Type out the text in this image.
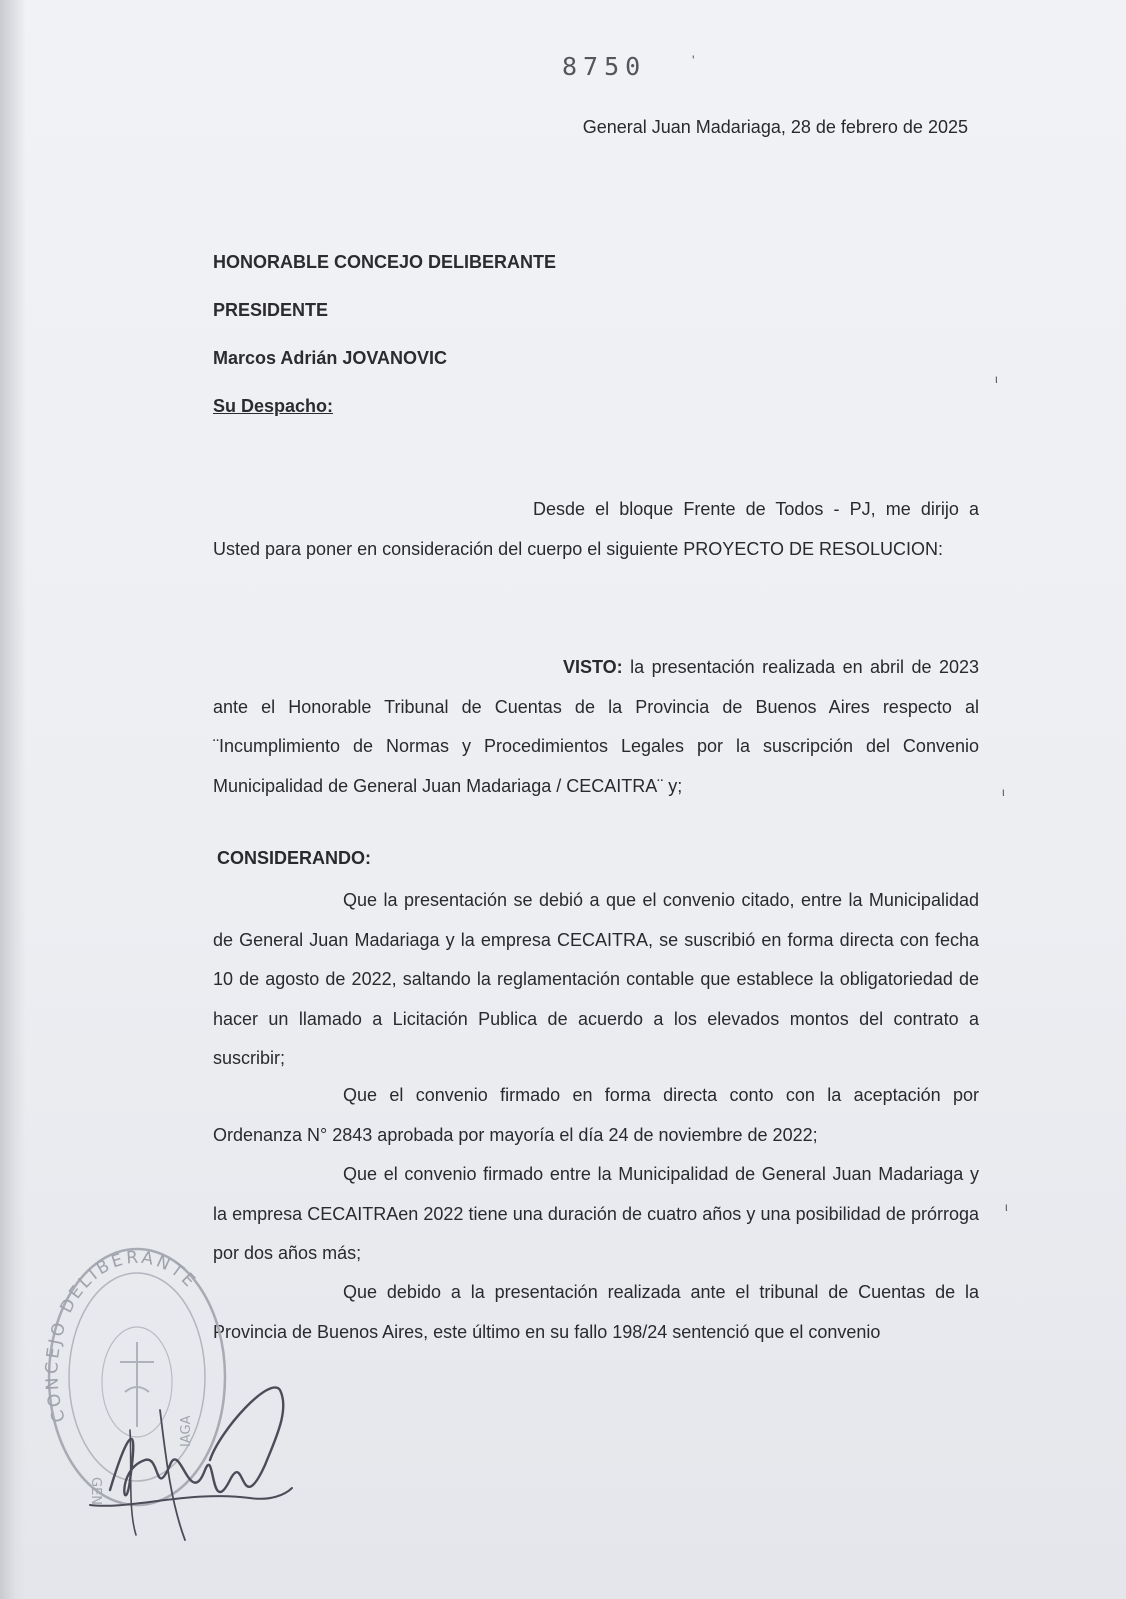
8750	'
General Juan Madariaga, 28 de febrero de 2025
HONORABLE CONCEJO DELIBERANTE
PRESIDENTE
Marcos Adrián JOVANOVIC
Su Despacho:
Desde el bloque Frente de Todos - PJ, me dirijo a Usted para poner en consideración del cuerpo el siguiente PROYECTO DE RESOLUCION:
VISTO: la presentación realizada en abril de 2023 ante el Honorable Tribunal de Cuentas de la Provincia de Buenos Aires respecto al ¨Incumplimiento de Normas y Procedimientos Legales por la suscripción del Convenio Municipalidad de General Juan Madariaga / CECAITRA¨ y;
CONSIDERANDO:
Que la presentación se debió a que el convenio citado, entre la Municipalidad de General Juan Madariaga y la empresa CECAITRA, se suscribió en forma directa con fecha 10 de agosto de 2022, saltando la reglamentación contable que establece la obligatoriedad de hacer un llamado a Licitación Publica de acuerdo a los elevados montos del contrato a suscribir;
Que el convenio firmado en forma directa conto con la aceptación por Ordenanza N° 2843 aprobada por mayoría el día 24 de noviembre de 2022;
Que el convenio firmado entre la Municipalidad de General Juan Madariaga y la empresa CECAITRAen 2022 tiene una duración de cuatro años y una posibilidad de prórroga por dos años más;
Que debido a la presentación realizada ante el tribunal de Cuentas de la Provincia de Buenos Aires, este último en su fallo 198/24 sentenció que el convenio
ι
ι
ι
CONCEJO DELIBERANTE
GEN
IAGA
